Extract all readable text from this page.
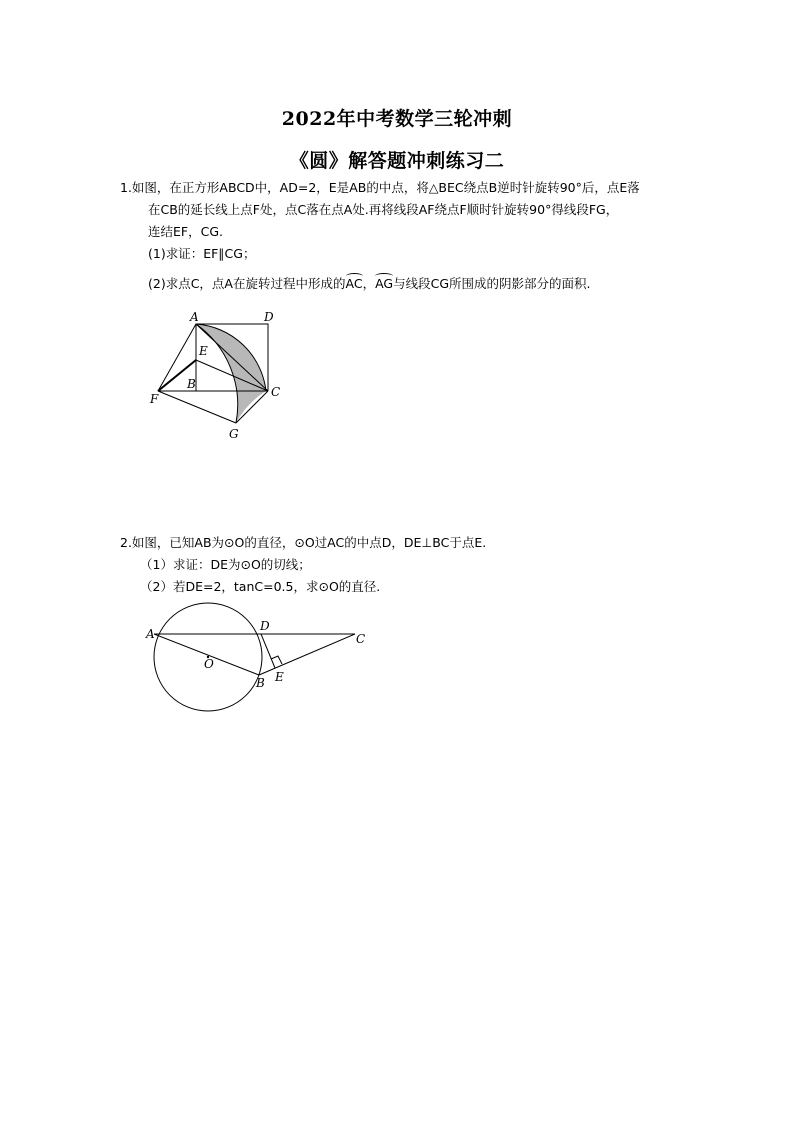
2022年中考数学三轮冲刺
《圆》解答题冲刺练习二
1.如图，在正方形ABCD中，AD=2，E是AB的中点，将△BEC绕点B逆时针旋转90°后，点E落
在CB的延长线上点F处，点C落在点A处.再将线段AF绕点F顺时针旋转90°得线段FG，
连结EF，CG.
(1)求证：EF∥CG；
(2)求点C，点A在旋转过程中形成的AC，AG与线段CG所围成的阴影部分的面积.
A	D
E
B
F	C
G
2.如图，已知AB为⊙O的直径，⊙O过AC的中点D，DE⊥BC于点E.
（1）求证：DE为⊙O的切线；
（2）若DE=2，tanC=0.5，求⊙O的直径.
A
D
C
O
B E
